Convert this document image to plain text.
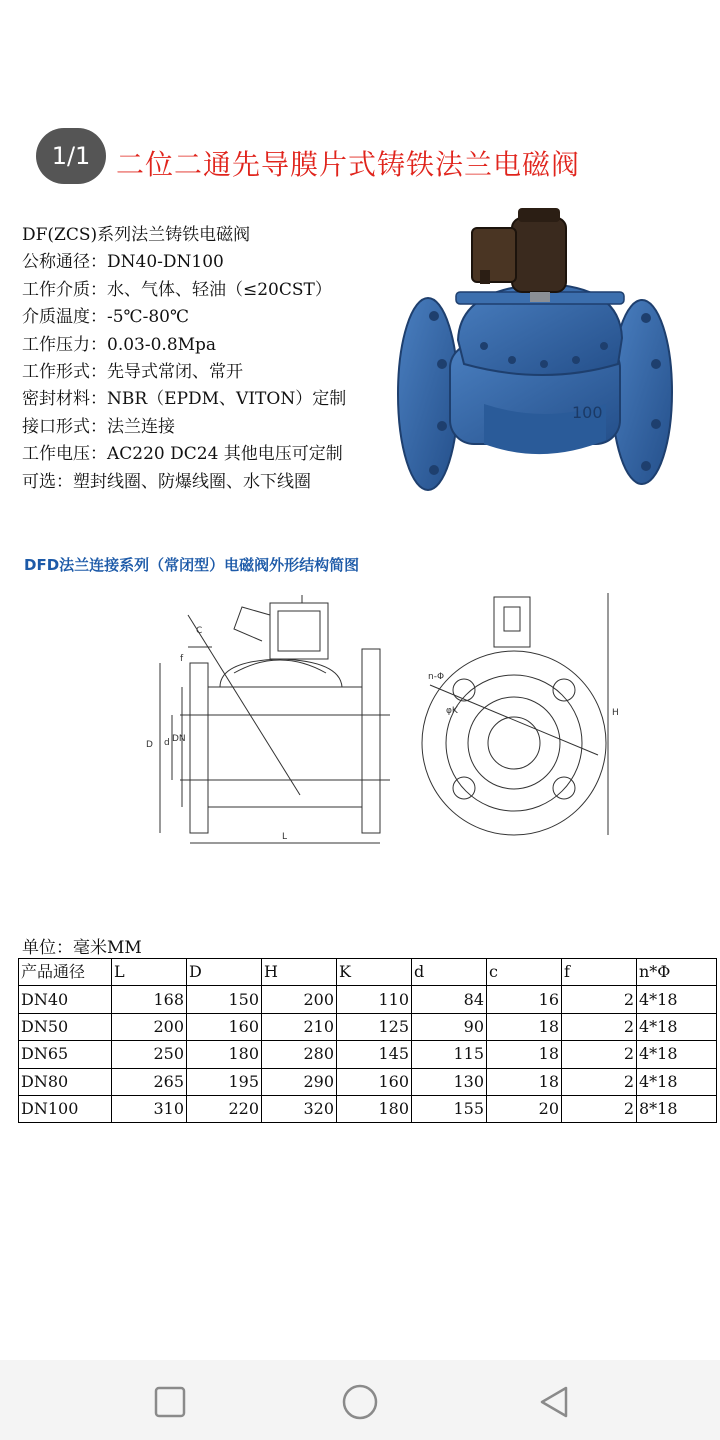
1/1 二位二通先导膜片式铸铁法兰电磁阀
DF(ZCS)系列法兰铸铁电磁阀
公称通径：DN40-DN100
工作介质：水、气体、轻油（≤20CST）
介质温度：-5℃-80℃
工作压力：0.03-0.8Mpa
工作形式：先导式常闭、常开
密封材料：NBR（EPDM、VITON）定制
接口形式：法兰连接
工作电压：AC220 DC24 其他电压可定制
可选：塑封线圈、防爆线圈、水下线圈
100
DFD法兰连接系列（常闭型）电磁阀外形结构简图
C
f
D d DN
L
n-Φ
φK	H
单位：毫米MM
产品通径	L	D	H	K	d	c	f	n*Φ
DN40	168	150	200	110	84	16	2	4*18
DN50	200	160	210	125	90	18	2	4*18
DN65	250	180	280	145	115	18	2	4*18
DN80	265	195	290	160	130	18	2	4*18
DN100	310	220	320	180	155	20	2	8*18
